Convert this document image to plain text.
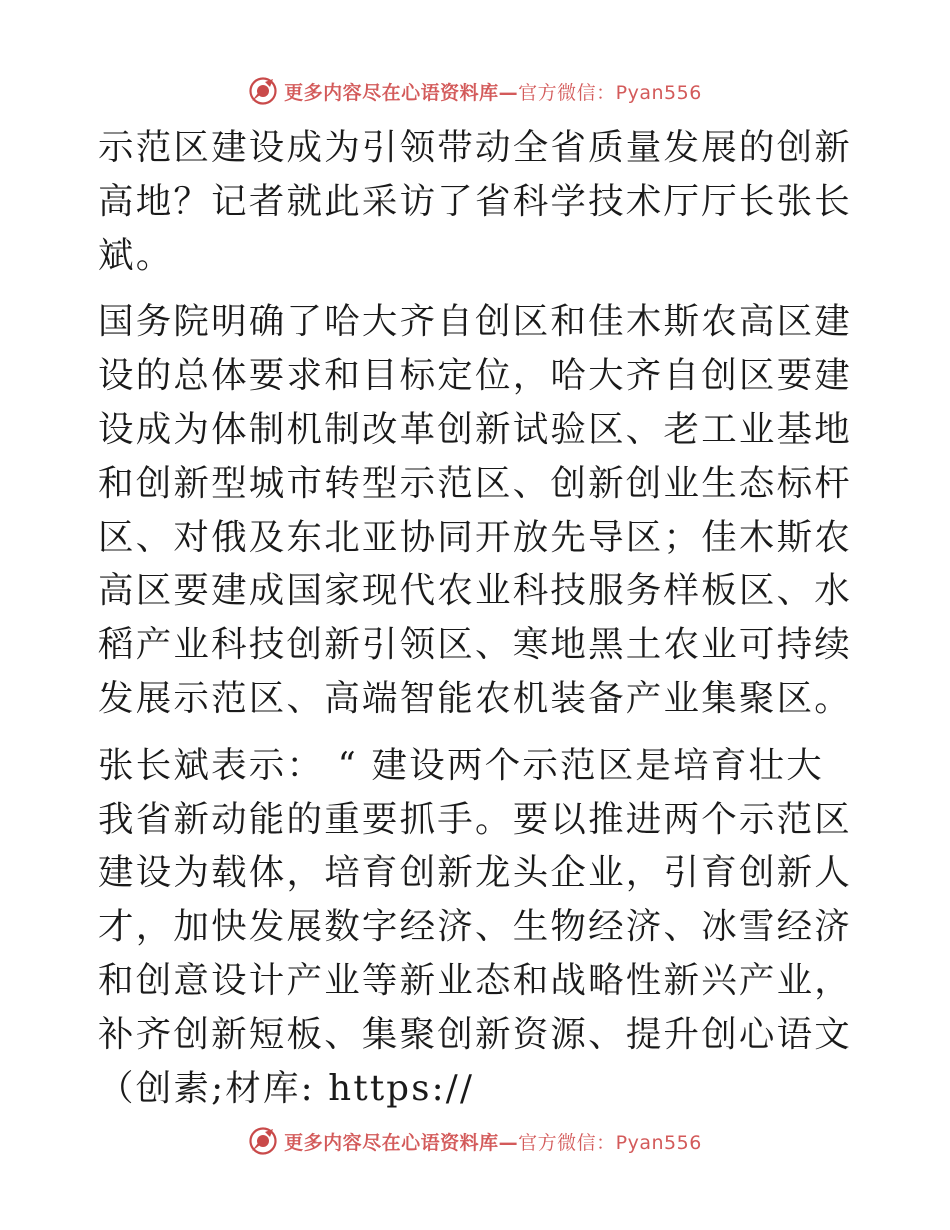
更多内容尽在心语资料库—官方微信：Pyan556

示范区建设成为引领带动全省质量发展的创新高地？记者就此采访了省科学技术厅厅长张长斌。

国务院明确了哈大齐自创区和佳木斯农高区建设的总体要求和目标定位，哈大齐自创区要建设成为体制机制改革创新试验区、老工业基地和创新型城市转型示范区、创新创业生态标杆区、对俄及东北亚协同开放先导区；佳木斯农高区要建成国家现代农业科技服务样板区、水稻产业科技创新引领区、寒地黑土农业可持续发展示范区、高端智能农机装备产业集聚区。

张长斌表示： “ 建设两个示范区是培育壮大我省新动能的重要抓手。要以推进两个示范区建设为载体，培育创新龙头企业，引育创新人才，加快发展数字经济、生物经济、冰雪经济和创意设计产业等新业态和战略性新兴产业，补齐创新短板、集聚创新资源、提升创心语文（创素;材库: https://

更多内容尽在心语资料库—官方微信：Pyan556
